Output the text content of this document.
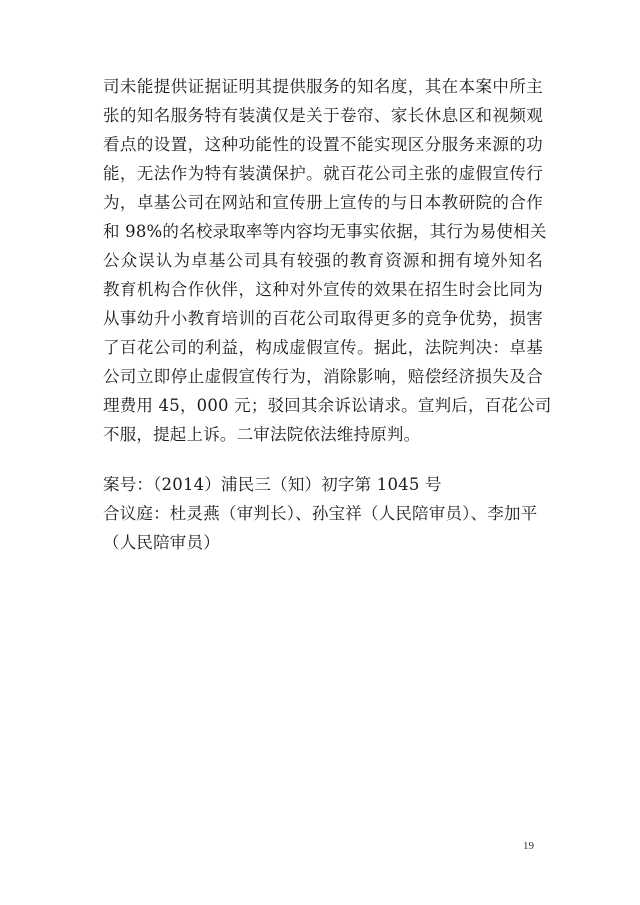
司未能提供证据证明其提供服务的知名度，其在本案中所主
张的知名服务特有装潢仅是关于卷帘、家长休息区和视频观
看点的设置，这种功能性的设置不能实现区分服务来源的功
能，无法作为特有装潢保护。就百花公司主张的虚假宣传行
为，卓基公司在网站和宣传册上宣传的与日本教研院的合作
和 98%的名校录取率等内容均无事实依据，其行为易使相关
公众误认为卓基公司具有较强的教育资源和拥有境外知名
教育机构合作伙伴，这种对外宣传的效果在招生时会比同为
从事幼升小教育培训的百花公司取得更多的竞争优势，损害
了百花公司的利益，构成虚假宣传。据此，法院判决：卓基
公司立即停止虚假宣传行为，消除影响，赔偿经济损失及合
理费用 45，000 元；驳回其余诉讼请求。宣判后，百花公司
不服，提起上诉。二审法院依法维持原判。
案号：（2014）浦民三（知）初字第 1045 号
合议庭：杜灵燕（审判长）、孙宝祥（人民陪审员）、李加平
（人民陪审员）
19
